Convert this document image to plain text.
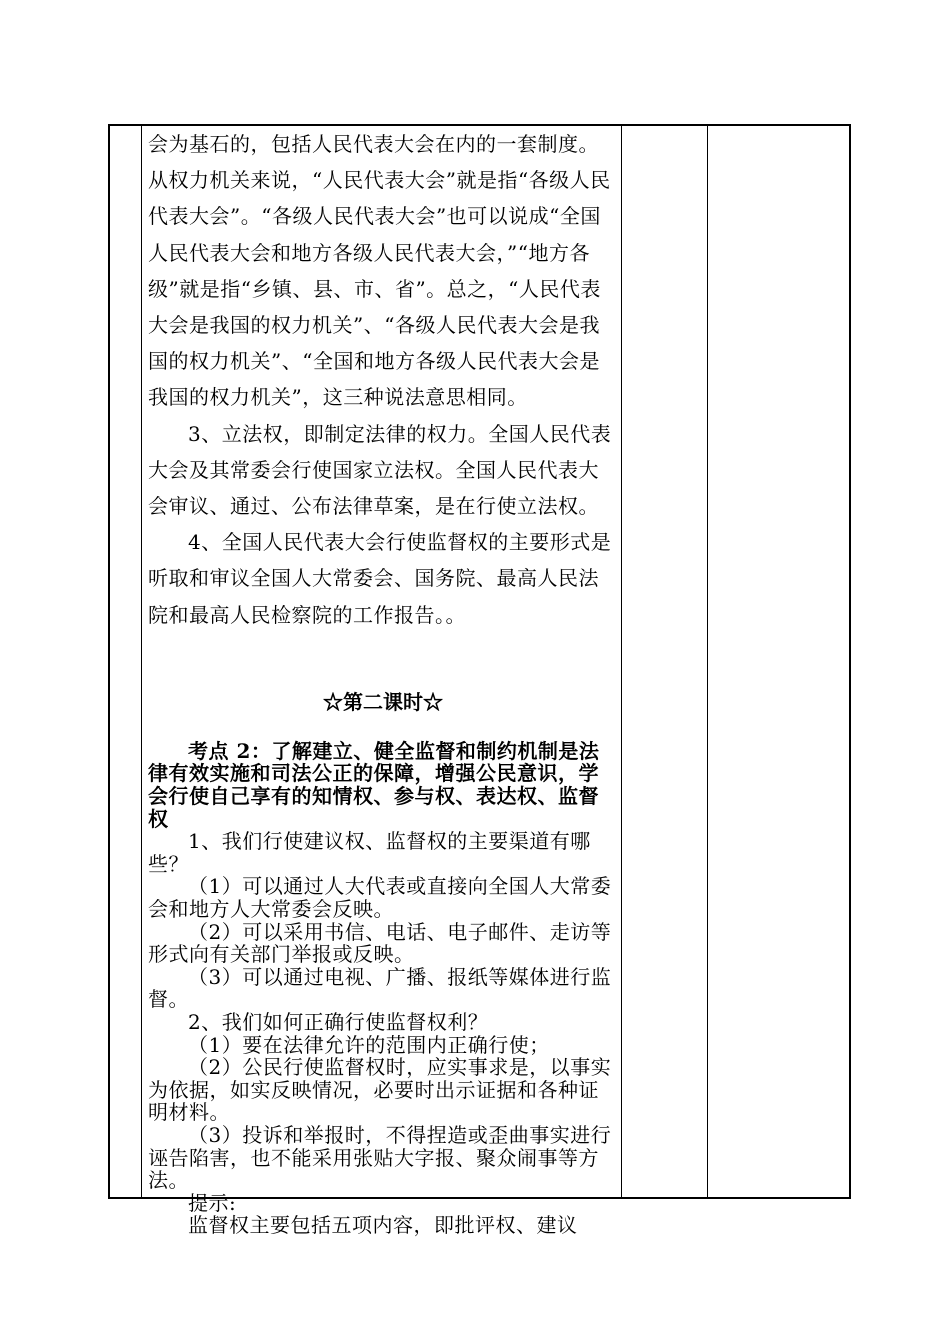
会为基石的，包括人民代表大会在内的一套制度。从权力机关来说，“人民代表大会”就是指“各级人民代表大会”。“各级人民代表大会”也可以说成“全国人民代表大会和地方各级人民代表大会，”“地方各级”就是指“乡镇、县、市、省”。总之，“人民代表大会是我国的权力机关”、“各级人民代表大会是我国的权力机关”、“全国和地方各级人民代表大会是我国的权力机关”，这三种说法意思相同。

3、立法权，即制定法律的权力。全国人民代表大会及其常委会行使国家立法权。全国人民代表大会审议、通过、公布法律草案，是在行使立法权。

4、全国人民代表大会行使监督权的主要形式是听取和审议全国人大常委会、国务院、最高人民法院和最高人民检察院的工作报告。。

☆第二课时☆

考点 2：了解建立、健全监督和制约机制是法律有效实施和司法公正的保障，增强公民意识，学会行使自己享有的知情权、参与权、表达权、监督权

1、我们行使建议权、监督权的主要渠道有哪些？

（1）可以通过人大代表或直接向全国人大常委会和地方人大常委会反映。

（2）可以采用书信、电话、电子邮件、走访等形式向有关部门举报或反映。

（3）可以通过电视、广播、报纸等媒体进行监督。

2、我们如何正确行使监督权利？

（1）要在法律允许的范围内正确行使；

（2）公民行使监督权时，应实事求是，以事实为依据，如实反映情况，必要时出示证据和各种证明材料。

（3）投诉和举报时，不得捏造或歪曲事实进行诬告陷害，也不能采用张贴大字报、聚众闹事等方法。

提示:

监督权主要包括五项内容，即批评权、建议
